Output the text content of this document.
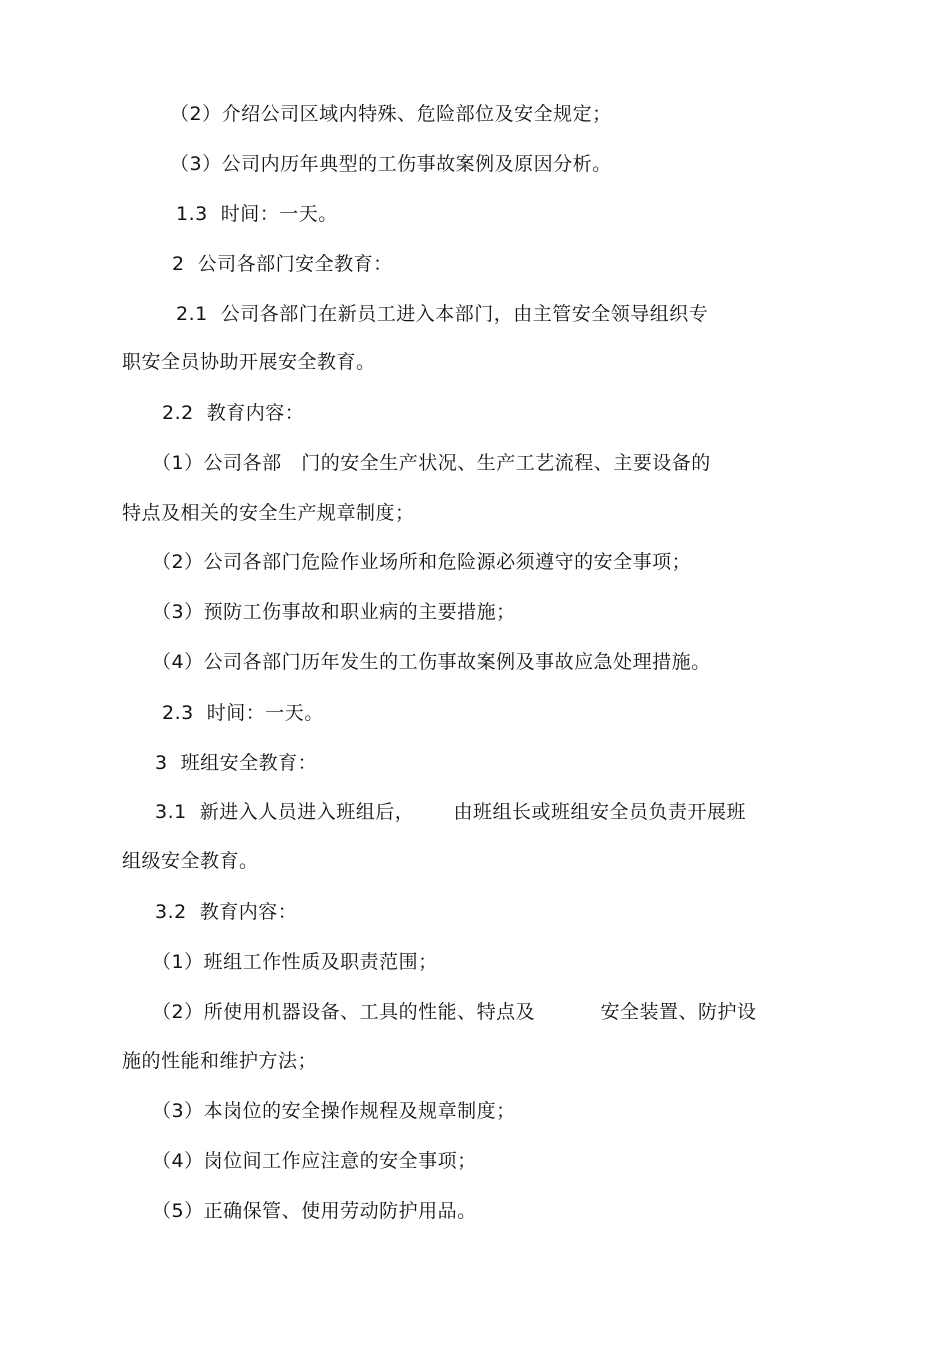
（2）介绍公司区域内特殊、危险部位及安全规定；
（3）公司内历年典型的工伤事故案例及原因分析。
1.3  时间：一天。
2  公司各部门安全教育：
2.1  公司各部门在新员工进入本部门，由主管安全领导组织专
职安全员协助开展安全教育。
2.2  教育内容：
（1）公司各部   门的安全生产状况、生产工艺流程、主要设备的
特点及相关的安全生产规章制度；
（2）公司各部门危险作业场所和危险源必须遵守的安全事项；
（3）预防工伤事故和职业病的主要措施；
（4）公司各部门历年发生的工伤事故案例及事故应急处理措施。
2.3  时间：一天。
3  班组安全教育：
3.1  新进入人员进入班组后，      由班组长或班组安全员负责开展班
组级安全教育。
3.2  教育内容：
（1）班组工作性质及职责范围；
（2）所使用机器设备、工具的性能、特点及          安全装置、防护设
施的性能和维护方法；
（3）本岗位的安全操作规程及规章制度；
（4）岗位间工作应注意的安全事项；
（5）正确保管、使用劳动防护用品。
